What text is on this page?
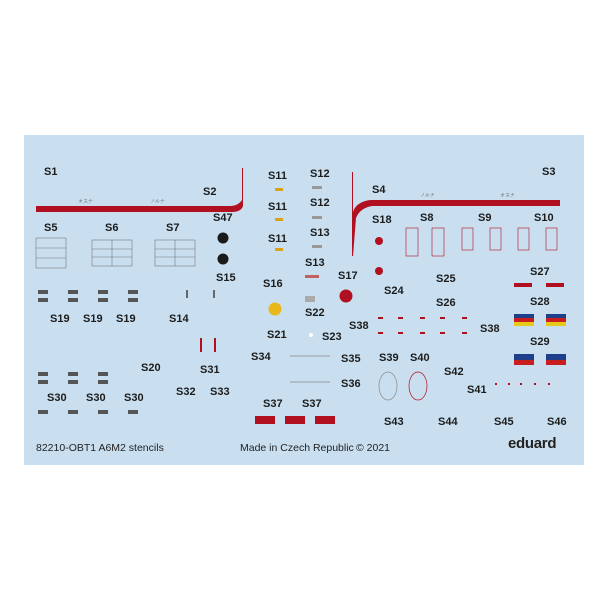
オスナ	ノルナ
ノルナ	オスナ
S1
S2
S3
S4
S5	S6	S7
S8	S9	S10
S11
S11
S11
S12
S12
S13
S13
S14
S15 S16
S17
S18
S19 S19 S19
S20
S21
S22
S23
S24
S25
S26
S27
S28
S29
S30 S30 S30
S31
S32 S33
S34	S35
S36
S37 S37
S38	S38
S39 S40
S41
S42
S43	S44	S45	S46
S47
82210-OBT1 A6M2 stencils	Made in Czech Republic © 2021	eduard
